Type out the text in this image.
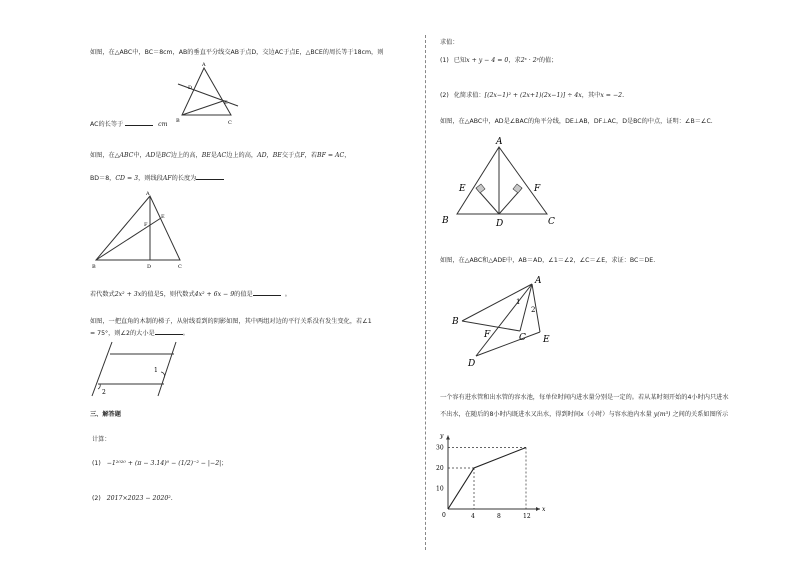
如图，在△ABC中，BC＝8cm，AB的垂直平分线交AB于点D，交边AC于点E，△BCE的周长等于18cm，则
A
D
E
B	C
AC的长等于	cm
如图，在△ABC中，AD是BC边上的高，BE是AC边上的高，AD，BE交于点F，若BF = AC，
BD＝8，CD = 3，则线段AF的长度为
A
E
F
B	D	C
若代数式2x² + 3x的值是5，则代数式4x² + 6x − 9的值是	。
如图，一把直角的木制的梯子，从射线看到的阴影如图，其中两组对边的平行关系没有发生变化，若∠1
= 75°，则∠2的大小是	。
1
2
三、解答题
计算：
(1) −1²⁰²⁰ + (π − 3.14)⁰ − (1/2)⁻² − |−2|；
(2) 2017×2023 − 2020².
求值：
(1) 已知x + y − 4 = 0，求2ˣ · 2ʸ的值；
(2) 化简求值：[(2x−1)² + (2x+1)(2x−1)] ÷ 4x，其中x = −2.
如图，在△ABC中，AD是∠BAC的角平分线，DE⊥AB，DF⊥AC，D是BC的中点，证明：∠B＝∠C.
A
E	F
B	D	C
如图，在△ABC和△ADE中，AB＝AD，∠1＝∠2，∠C＝∠E，求证：BC＝DE.
A
1
2
B
F	C E
D
一个容有进水管和出水管的容水池，每单位时间内进水量分别是一定的。若从某时刻开始的4小时内只进水
不出水，在随后的8小时内既进水又出水，得到时间x（小时）与容水池内水量 y(m³) 之间的关系如图所示
x
y
0	4	8	12
10
20
30
